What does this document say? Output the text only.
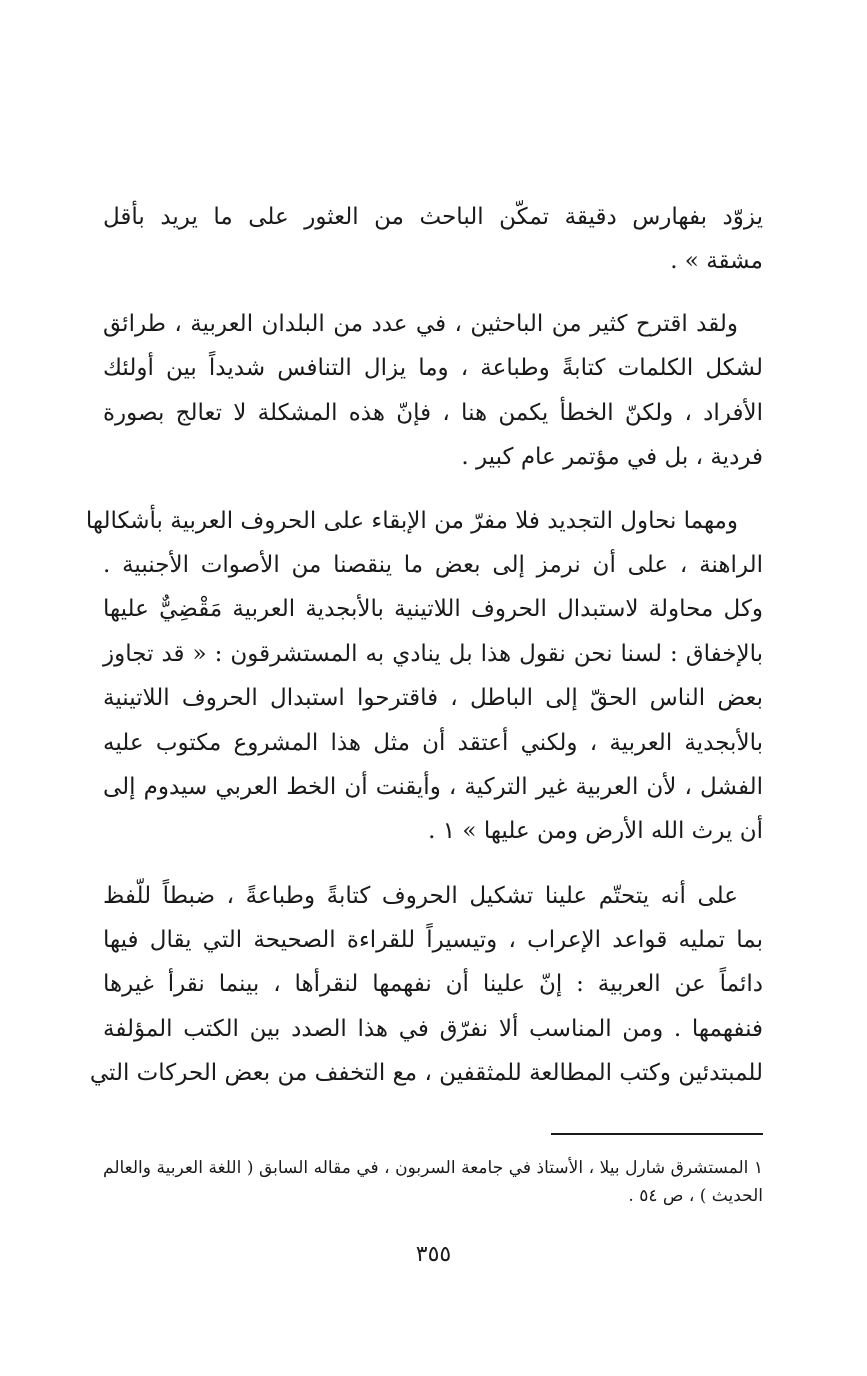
يزوّد بفهارس دقيقة تمكّن الباحث من العثور على ما يريد بأقل
مشقة » .
ولقد اقترح كثير من الباحثين ، في عدد من البلدان العربية ، طرائق
لشكل الكلمات كتابةً وطباعة ، وما يزال التنافس شديداً بين أولئك
الأفراد ، ولكنّ الخطأ يكمن هنا ، فإنّ هذه المشكلة لا تعالج بصورة
فردية ، بل في مؤتمر عام كبير .
ومهما نحاول التجديد فلا مفرّ من الإبقاء على الحروف العربية بأشكالها
الراهنة ، على أن نرمز إلى بعض ما ينقصنا من الأصوات الأجنبية .
وكل محاولة لاستبدال الحروف اللاتينية بالأبجدية العربية مَقْضِيٌّ عليها
بالإخفاق : لسنا نحن نقول هذا بل ينادي به المستشرقون : « قد تجاوز
بعض الناس الحقّ إلى الباطل ، فاقترحوا استبدال الحروف اللاتينية
بالأبجدية العربية ، ولكني أعتقد أن مثل هذا المشروع مكتوب عليه
الفشل ، لأن العربية غير التركية ، وأيقنت أن الخط العربي سيدوم إلى
أن يرث الله الأرض ومن عليها » ١ .
على أنه يتحتّم علينا تشكيل الحروف كتابةً وطباعةً ، ضبطاً للّفظ
بما تمليه قواعد الإعراب ، وتيسيراً للقراءة الصحيحة التي يقال فيها
دائماً عن العربية : إنّ علينا أن نفهمها لنقرأها ، بينما نقرأ غيرها
فنفهمها . ومن المناسب ألا نفرّق في هذا الصدد بين الكتب المؤلفة
للمبتدئين وكتب المطالعة للمثقفين ، مع التخفف من بعض الحركات التي
١ المستشرق شارل بيلا ، الأستاذ في جامعة السربون ، في مقاله السابق ( اللغة العربية والعالم
الحديث ) ، ص ٥٤ .
٣٥٥
